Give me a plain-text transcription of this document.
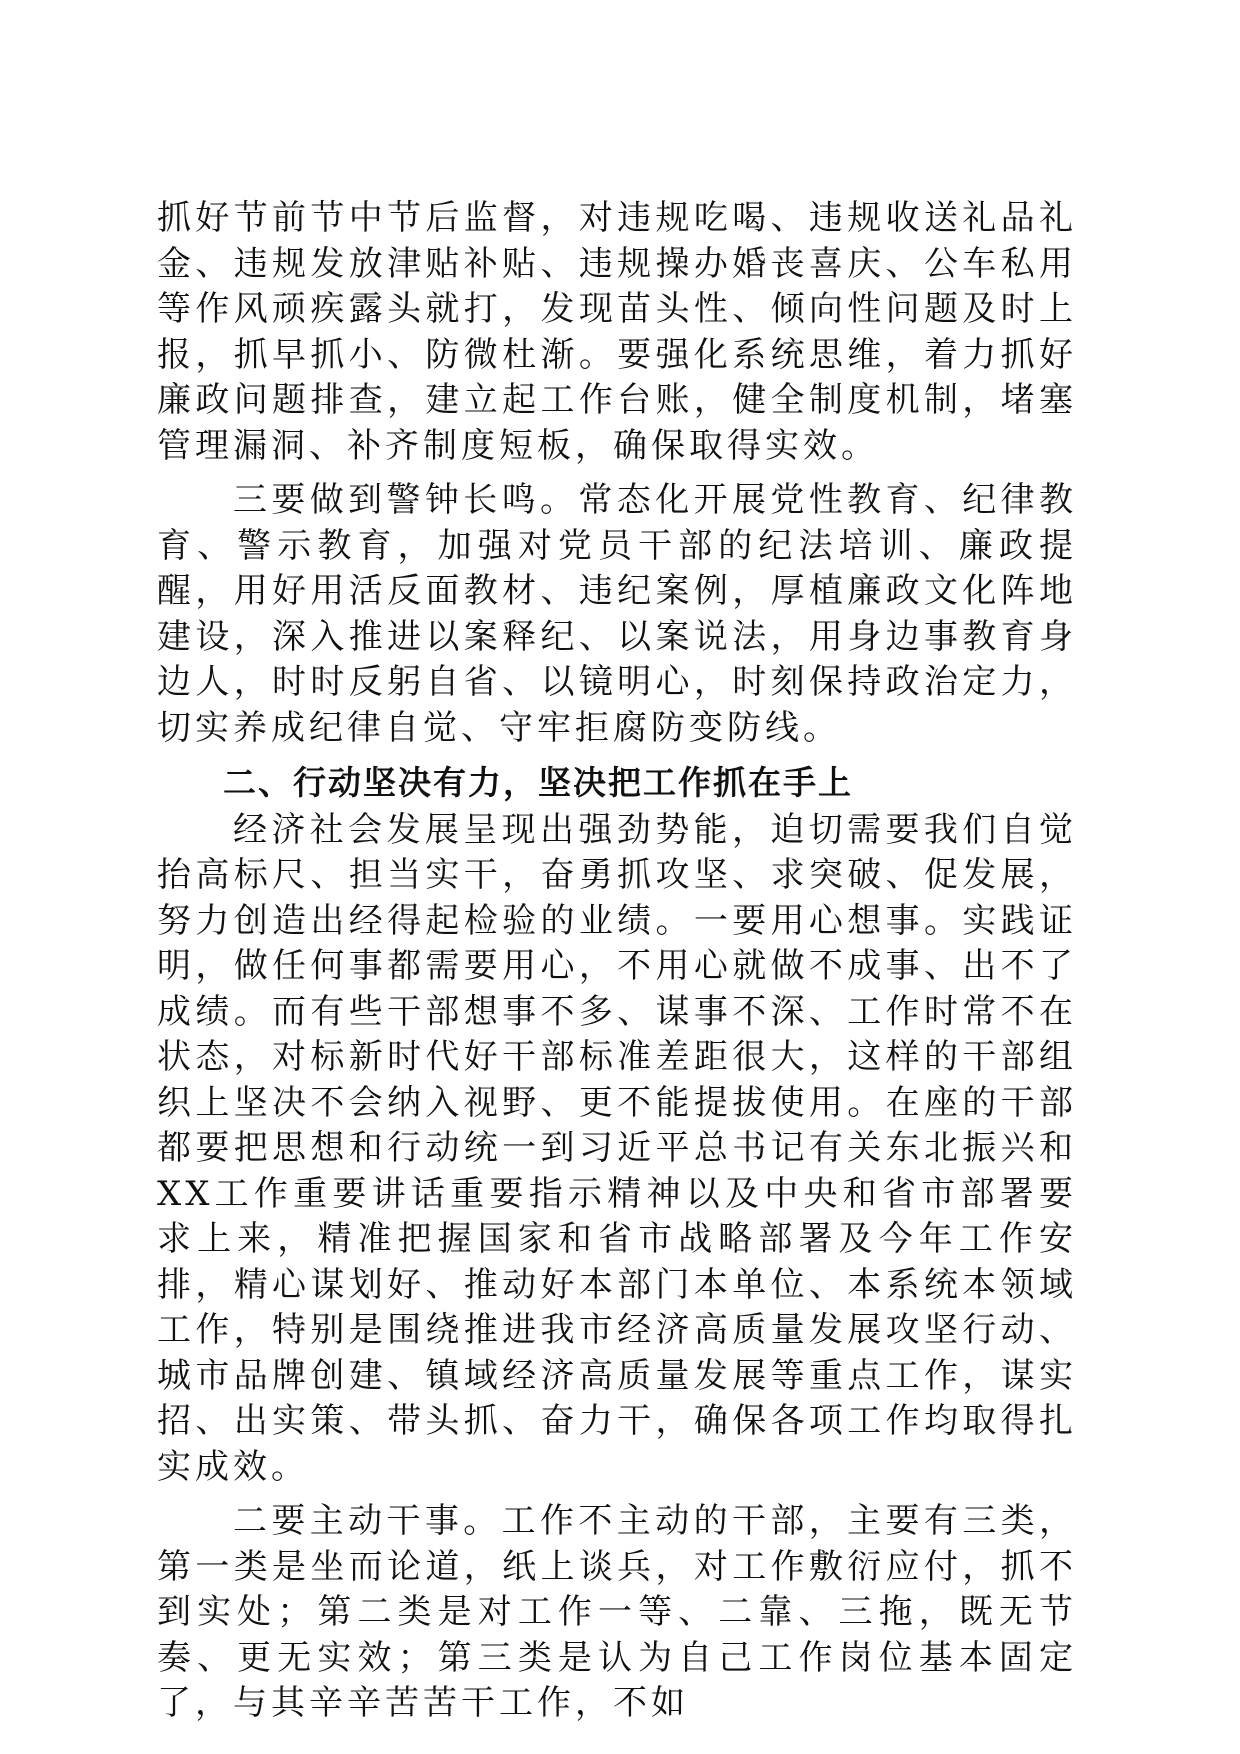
抓好节前节中节后监督，对违规吃喝、违规收送礼品礼金、违规发放津贴补贴、违规操办婚丧喜庆、公车私用等作风顽疾露头就打，发现苗头性、倾向性问题及时上报，抓早抓小、防微杜渐。要强化系统思维，着力抓好廉政问题排查，建立起工作台账，健全制度机制，堵塞管理漏洞、补齐制度短板，确保取得实效。

三要做到警钟长鸣。常态化开展党性教育、纪律教育、警示教育，加强对党员干部的纪法培训、廉政提醒，用好用活反面教材、违纪案例，厚植廉政文化阵地建设，深入推进以案释纪、以案说法，用身边事教育身边人，时时反躬自省、以镜明心，时刻保持政治定力，切实养成纪律自觉、守牢拒腐防变防线。

二、行动坚决有力，坚决把工作抓在手上

经济社会发展呈现出强劲势能，迫切需要我们自觉抬高标尺、担当实干，奋勇抓攻坚、求突破、促发展，努力创造出经得起检验的业绩。一要用心想事。实践证明，做任何事都需要用心，不用心就做不成事、出不了成绩。而有些干部想事不多、谋事不深、工作时常不在状态，对标新时代好干部标准差距很大，这样的干部组织上坚决不会纳入视野、更不能提拔使用。在座的干部都要把思想和行动统一到习近平总书记有关东北振兴和XX工作重要讲话重要指示精神以及中央和省市部署要求上来，精准把握国家和省市战略部署及今年工作安排，精心谋划好、推动好本部门本单位、本系统本领域工作，特别是围绕推进我市经济高质量发展攻坚行动、城市品牌创建、镇域经济高质量发展等重点工作，谋实招、出实策、带头抓、奋力干，确保各项工作均取得扎实成效。

二要主动干事。工作不主动的干部，主要有三类，第一类是坐而论道，纸上谈兵，对工作敷衍应付，抓不到实处；第二类是对工作一等、二靠、三拖，既无节奏、更无实效；第三类是认为自己工作岗位基本固定了，与其辛辛苦苦干工作，不如
